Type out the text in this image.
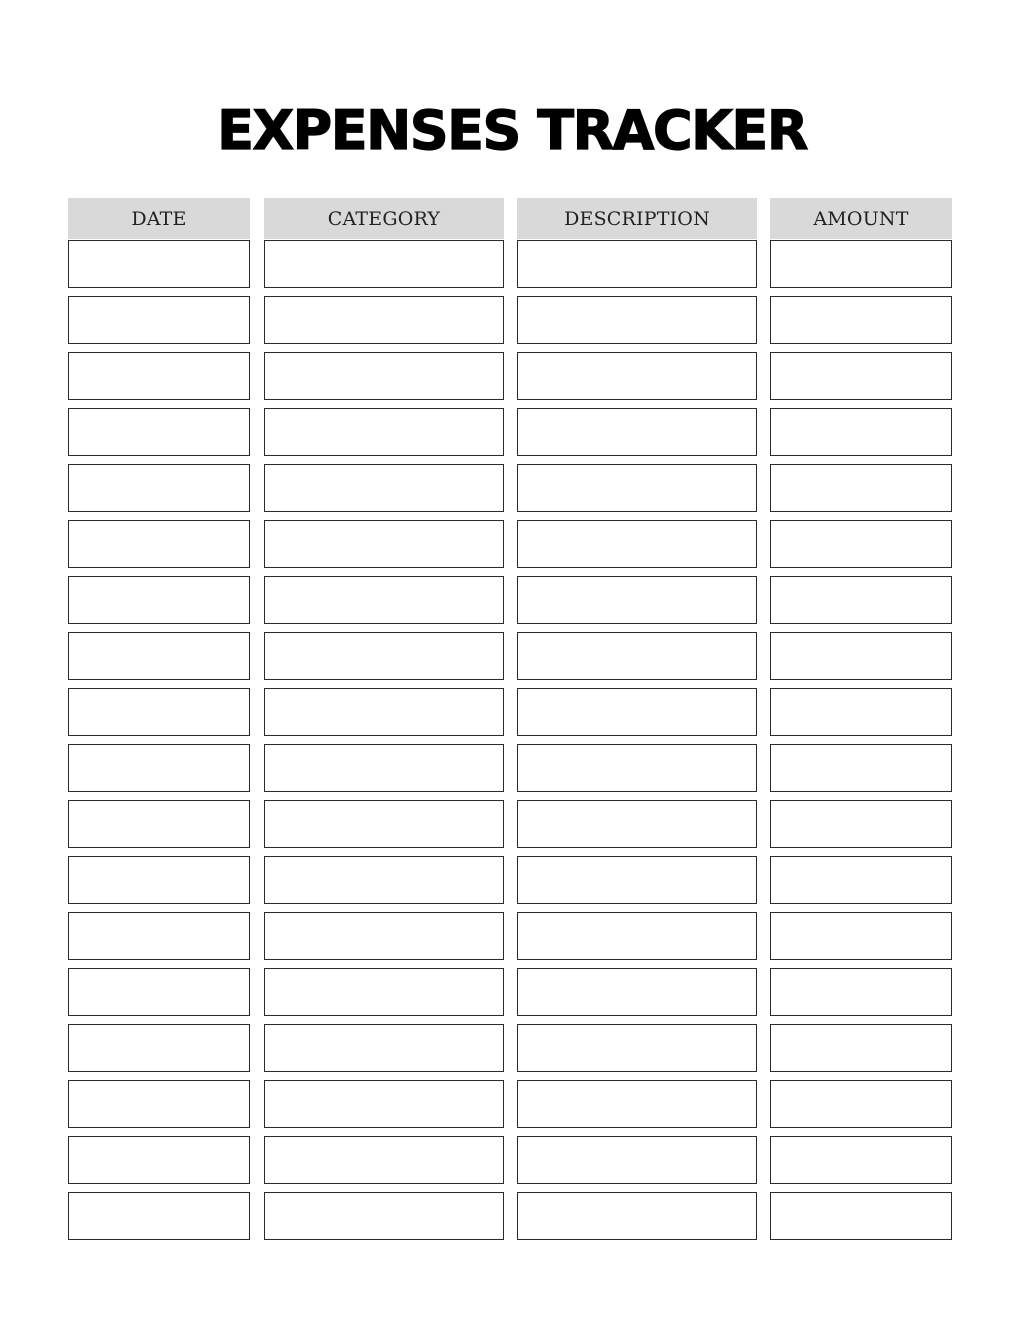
EXPENSES TRACKER
DATE	CATEGORY	DESCRIPTION	AMOUNT
